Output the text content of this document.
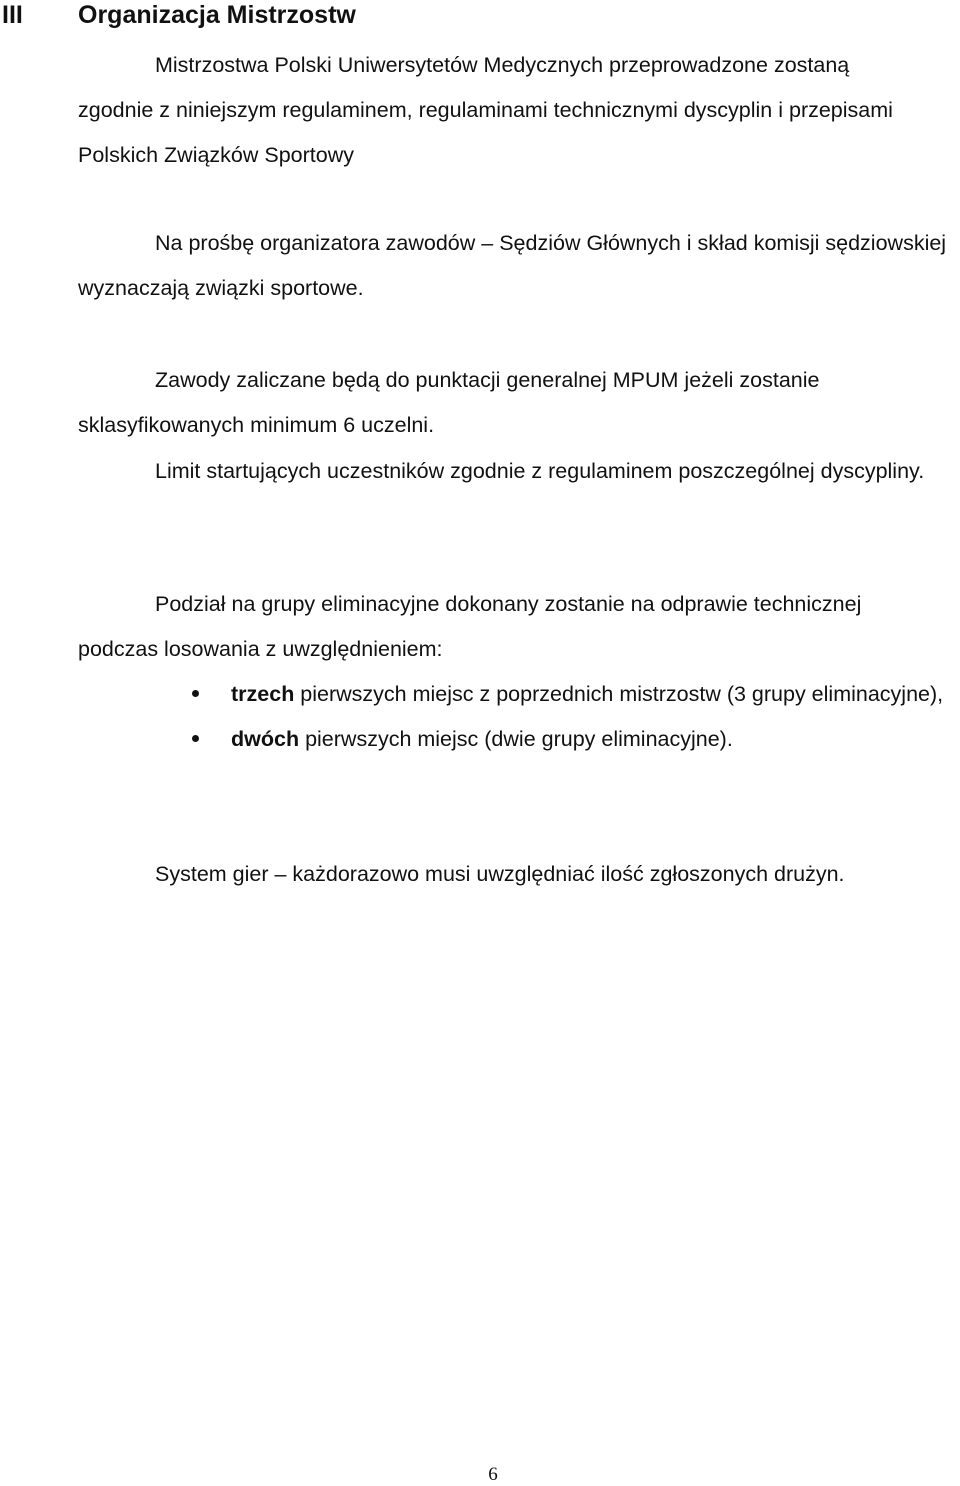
III Organizacja Mistrzostw

Mistrzostwa Polski Uniwersytetów Medycznych przeprowadzone zostaną zgodnie z niniejszym regulaminem, regulaminami technicznymi dyscyplin i przepisami Polskich Związków Sportowy

Na prośbę organizatora zawodów – Sędziów Głównych i skład komisji sędziowskiej wyznaczają związki sportowe.

Zawody zaliczane będą do punktacji generalnej MPUM jeżeli zostanie sklasyfikowanych minimum 6 uczelni.

Limit startujących uczestników zgodnie z regulaminem poszczególnej dyscypliny.

Podział na grupy eliminacyjne dokonany zostanie na odprawie technicznej podczas losowania z uwzględnieniem:

trzech pierwszych miejsc z poprzednich mistrzostw (3 grupy eliminacyjne),
dwóch pierwszych miejsc (dwie grupy eliminacyjne).

System gier – każdorazowo musi uwzględniać ilość zgłoszonych drużyn.

6
